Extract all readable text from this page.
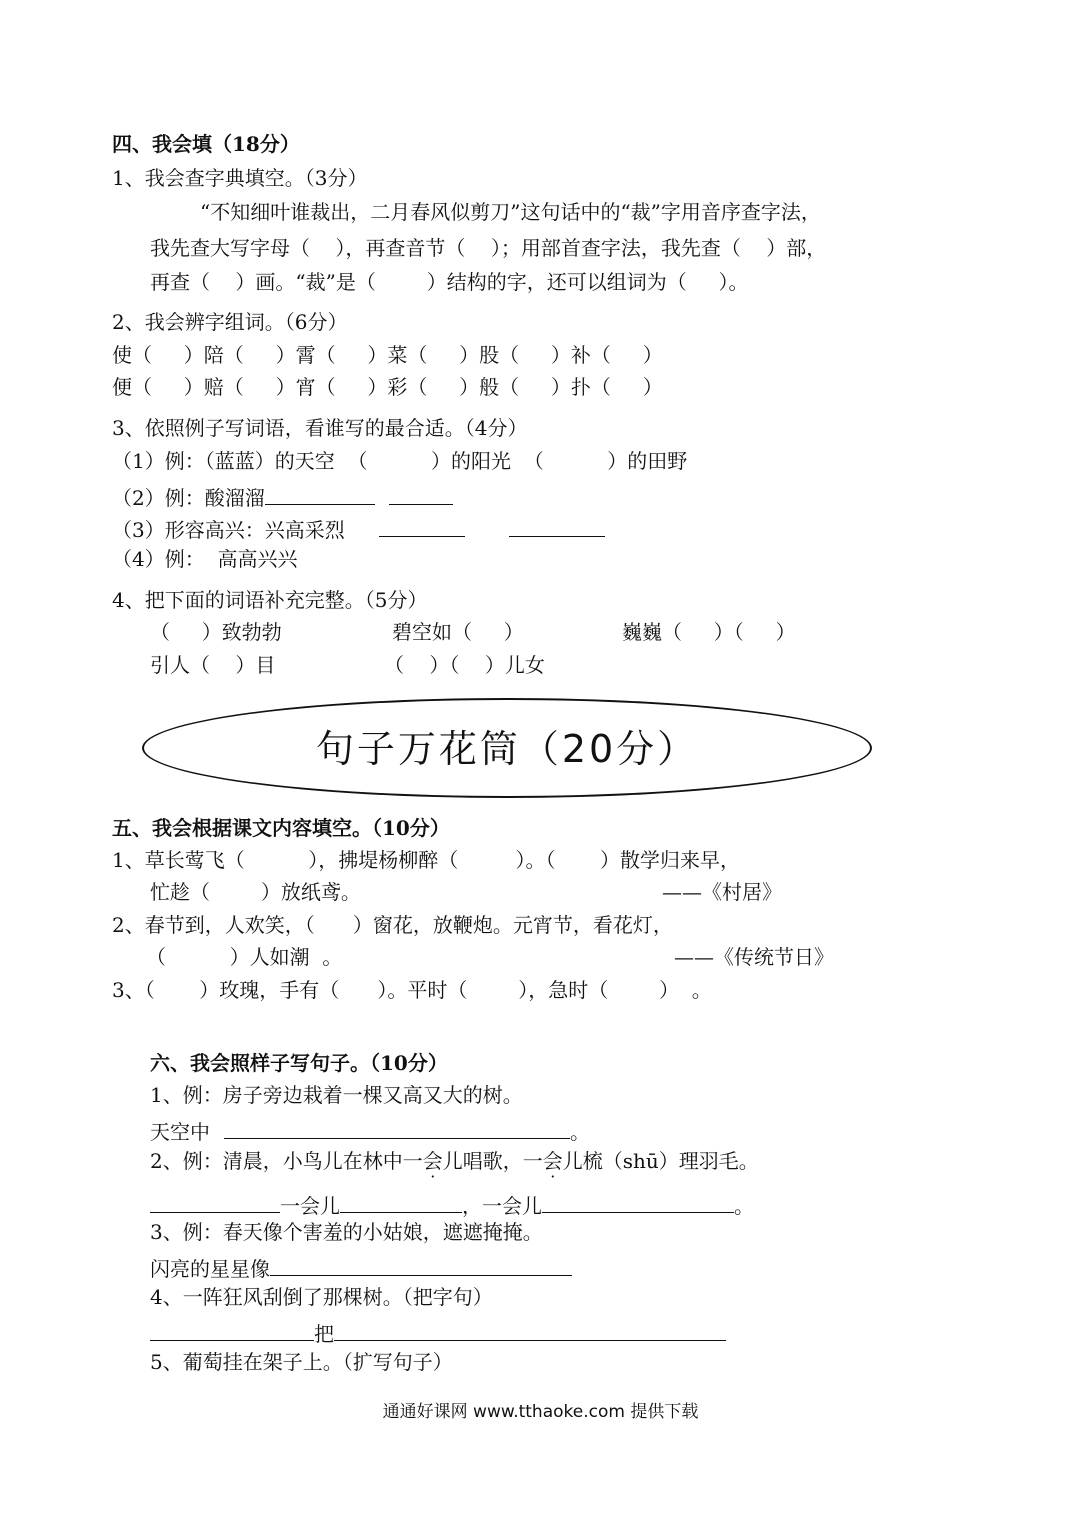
四、我会填（18分）
1、我会查字典填空。（3分）
“不知细叶谁裁出，二月春风似剪刀”这句话中的“裁”字用音序查字法，
我先查大写字母（    ），再查音节（    ）；用部首查字法，我先查（    ）部，
再查（    ）画。“裁”是（        ）结构的字，还可以组词为（     ）。
2、我会辨字组词。（6分）
使（     ）陪（     ）霄（     ）菜（     ）股（     ）补（     ）
便（     ）赔（     ）宵（     ）彩（     ）般（     ）扑（     ）
3、依照例子写词语，看谁写的最合适。（4分）
（1）例：（蓝蓝）的天空  （          ）的阳光  （          ）的田野
（2）例：酸溜溜
（3）形容高兴：兴高采烈
（4）例：  高高兴兴
4、把下面的词语补充完整。（5分）
（     ）致勃勃	碧空如（     ）	巍巍（     ）（     ）
引人（    ）目	（    ）（    ）儿女
句子万花筒（20分）
五、我会根据课文内容填空。（10分）
1、草长莺飞（          ），拂堤杨柳醉（         ）。（       ）散学归来早，
忙趁（        ）放纸鸢。	——《村居》
2、春节到，人欢笑，（      ）窗花，放鞭炮。元宵节，看花灯，
（          ）人如潮  。	——《传统节日》
3、（       ）玫瑰，手有（      ）。平时（        ），急时（        ）  。
六、我会照样子写句子。（10分）
1、例：房子旁边栽着一棵又高又大的树。
天空中	。
2、例：清晨，小鸟儿在林中一会儿唱歌，一会儿梳（shū）理羽毛。
一会儿	，一会儿	。
3、例：春天像个害羞的小姑娘，遮遮掩掩。
闪亮的星星像
4、一阵狂风刮倒了那棵树。（把字句）
把
5、葡萄挂在架子上。（扩写句子）
通通好课网 www.tthaoke.com 提供下载
